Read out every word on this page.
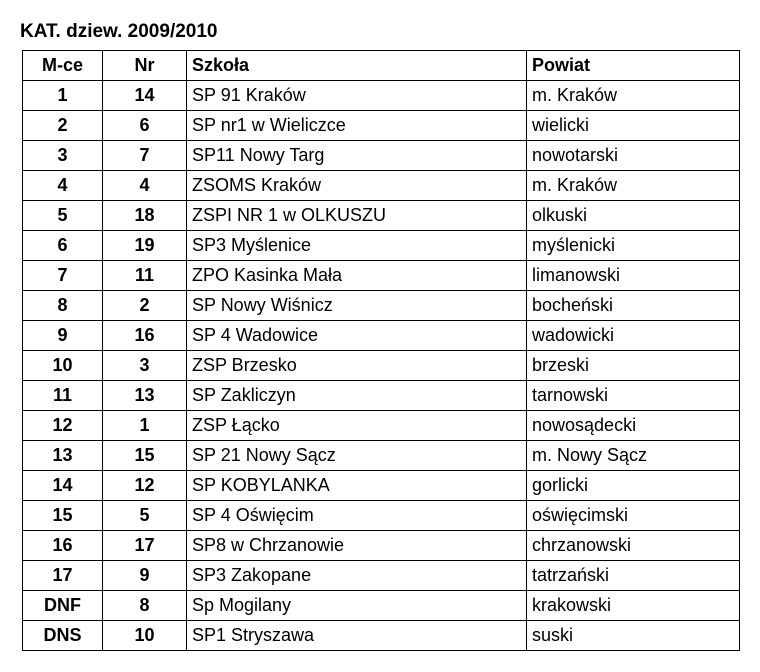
KAT. dziew. 2009/2010
M-ce	Nr	Szkoła	Powiat
1	14	SP 91 Kraków	m. Kraków
2	6	SP nr1 w Wieliczce	wielicki
3	7	SP11 Nowy Targ	nowotarski
4	4	ZSOMS Kraków	m. Kraków
5	18	ZSPI NR 1 w OLKUSZU	olkuski
6	19	SP3 Myślenice	myślenicki
7	11	ZPO Kasinka Mała	limanowski
8	2	SP Nowy Wiśnicz	bocheński
9	16	SP 4 Wadowice	wadowicki
10	3	ZSP Brzesko	brzeski
11	13	SP Zakliczyn	tarnowski
12	1	ZSP Łącko	nowosądecki
13	15	SP 21 Nowy Sącz	m. Nowy Sącz
14	12	SP KOBYLANKA	gorlicki
15	5	SP 4 Oświęcim	oświęcimski
16	17	SP8 w Chrzanowie	chrzanowski
17	9	SP3 Zakopane	tatrzański
DNF	8	Sp Mogilany	krakowski
DNS	10	SP1 Stryszawa	suski
